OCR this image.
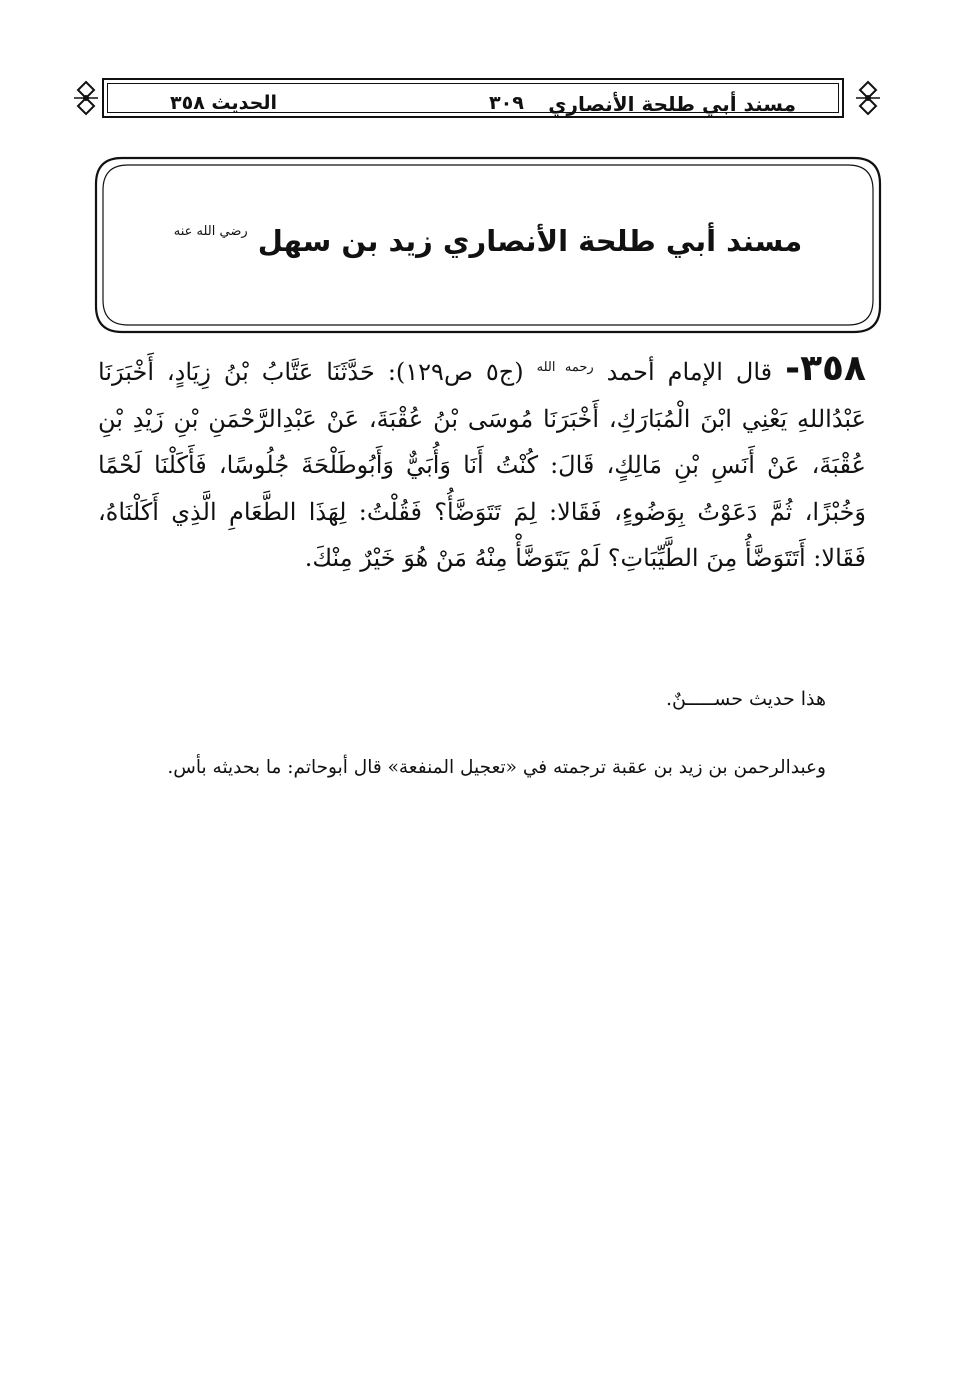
مسند أبي طلحة الأنصاري
٣٠٩
الحديث ٣٥٨
مسند أبي طلحة الأنصاري زيد بن سهل $^{رضي الله عنه}$
٣٥٨- قال الإمام أحمد $^{رحمه الله}$ (ج٥ ص١٢٩): حَدَّثَنَا عَتَّابُ بْنُ زِيَادٍ، أَخْبَرَنَا عَبْدُاللهِ يَعْنِي ابْنَ الْمُبَارَكِ، أَخْبَرَنَا مُوسَى بْنُ عُقْبَةَ، عَنْ عَبْدِالرَّحْمَنِ بْنِ زَيْدِ بْنِ عُقْبَةَ، عَنْ أَنَسِ بْنِ مَالِكٍ، قَالَ: كُنْتُ أَنَا وَأُبَيٌّ وَأَبُوطَلْحَةَ جُلُوسًا، فَأَكَلْنَا لَحْمًا وَخُبْزًا، ثُمَّ دَعَوْتُ بِوَضُوءٍ، فَقَالا: لِمَ تَتَوَضَّأُ؟ فَقُلْتُ: لِهَذَا الطَّعَامِ الَّذِي أَكَلْنَاهُ، فَقَالا: أَتَتَوَضَّأُ مِنَ الطَّيِّبَاتِ؟ لَمْ يَتَوَضَّأْ مِنْهُ مَنْ هُوَ خَيْرٌ مِنْكَ.
هذا حديث حســـــنٌ.
وعبدالرحمن بن زيد بن عقبة ترجمته في «تعجيل المنفعة» قال أبوحاتم: ما بحديثه بأس.
